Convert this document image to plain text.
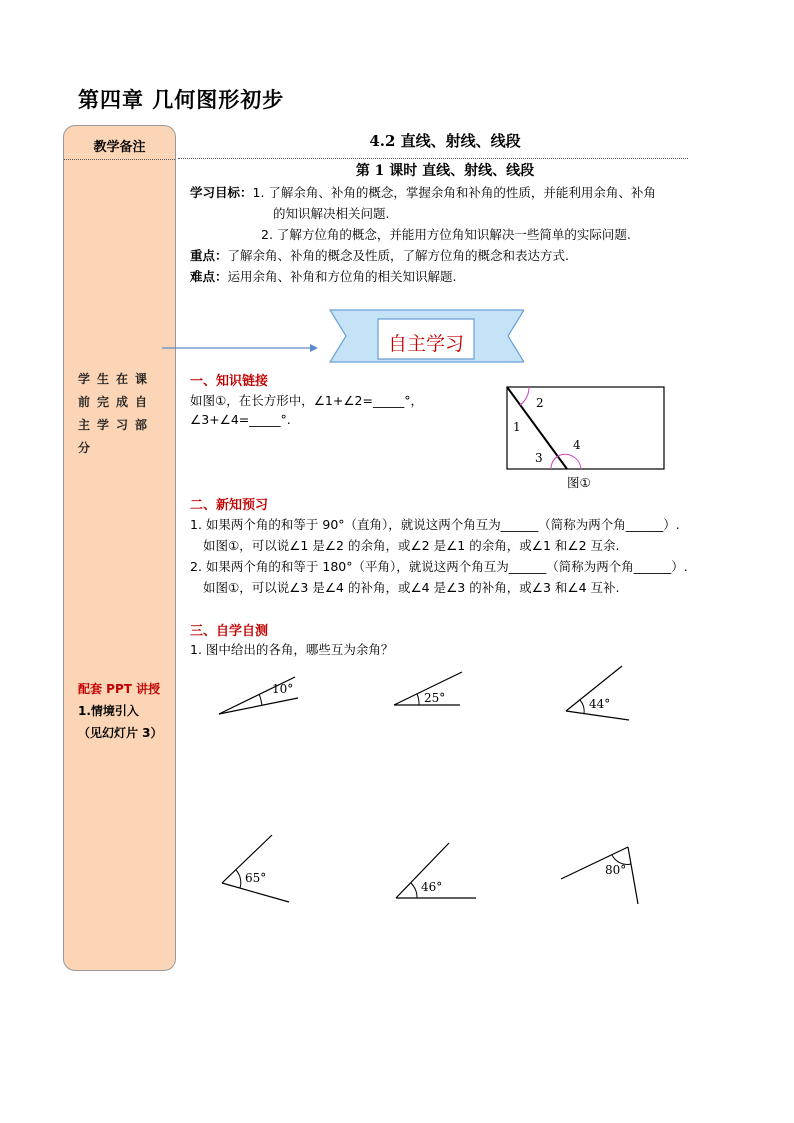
第四章 几何图形初步
教学备注
学生在课前完成自主学习部分
配套 PPT 讲授
1.情境引入
（见幻灯片 3）
4.2 直线、射线、线段
第 1 课时 直线、射线、线段
学习目标：1. 了解余角、补角的概念，掌握余角和补角的性质，并能利用余角、补角
的知识解决相关问题.
2. 了解方位角的概念，并能用方位角知识解决一些简单的实际问题.
重点：了解余角、补角的概念及性质，了解方位角的概念和表达方式.
难点：运用余角、补角和方位角的相关知识解题.
自主学习
一、知识链接
如图①，在长方形中，∠1+∠2=_____°，
∠3+∠4=_____°.
2
1
3
4
图①
二、新知预习
1. 如果两个角的和等于 90°（直角），就说这两个角互为______（简称为两个角______）.
如图①，可以说∠1 是∠2 的余角，或∠2 是∠1 的余角，或∠1 和∠2 互余.
2. 如果两个角的和等于 180°（平角），就说这两个角互为______（简称为两个角______）.
如图①，可以说∠3 是∠4 的补角，或∠4 是∠3 的补角，或∠3 和∠4 互补.
三、自学自测
1. 图中给出的各角，哪些互为余角？
10°
25°	44°
65°
46°
80°
